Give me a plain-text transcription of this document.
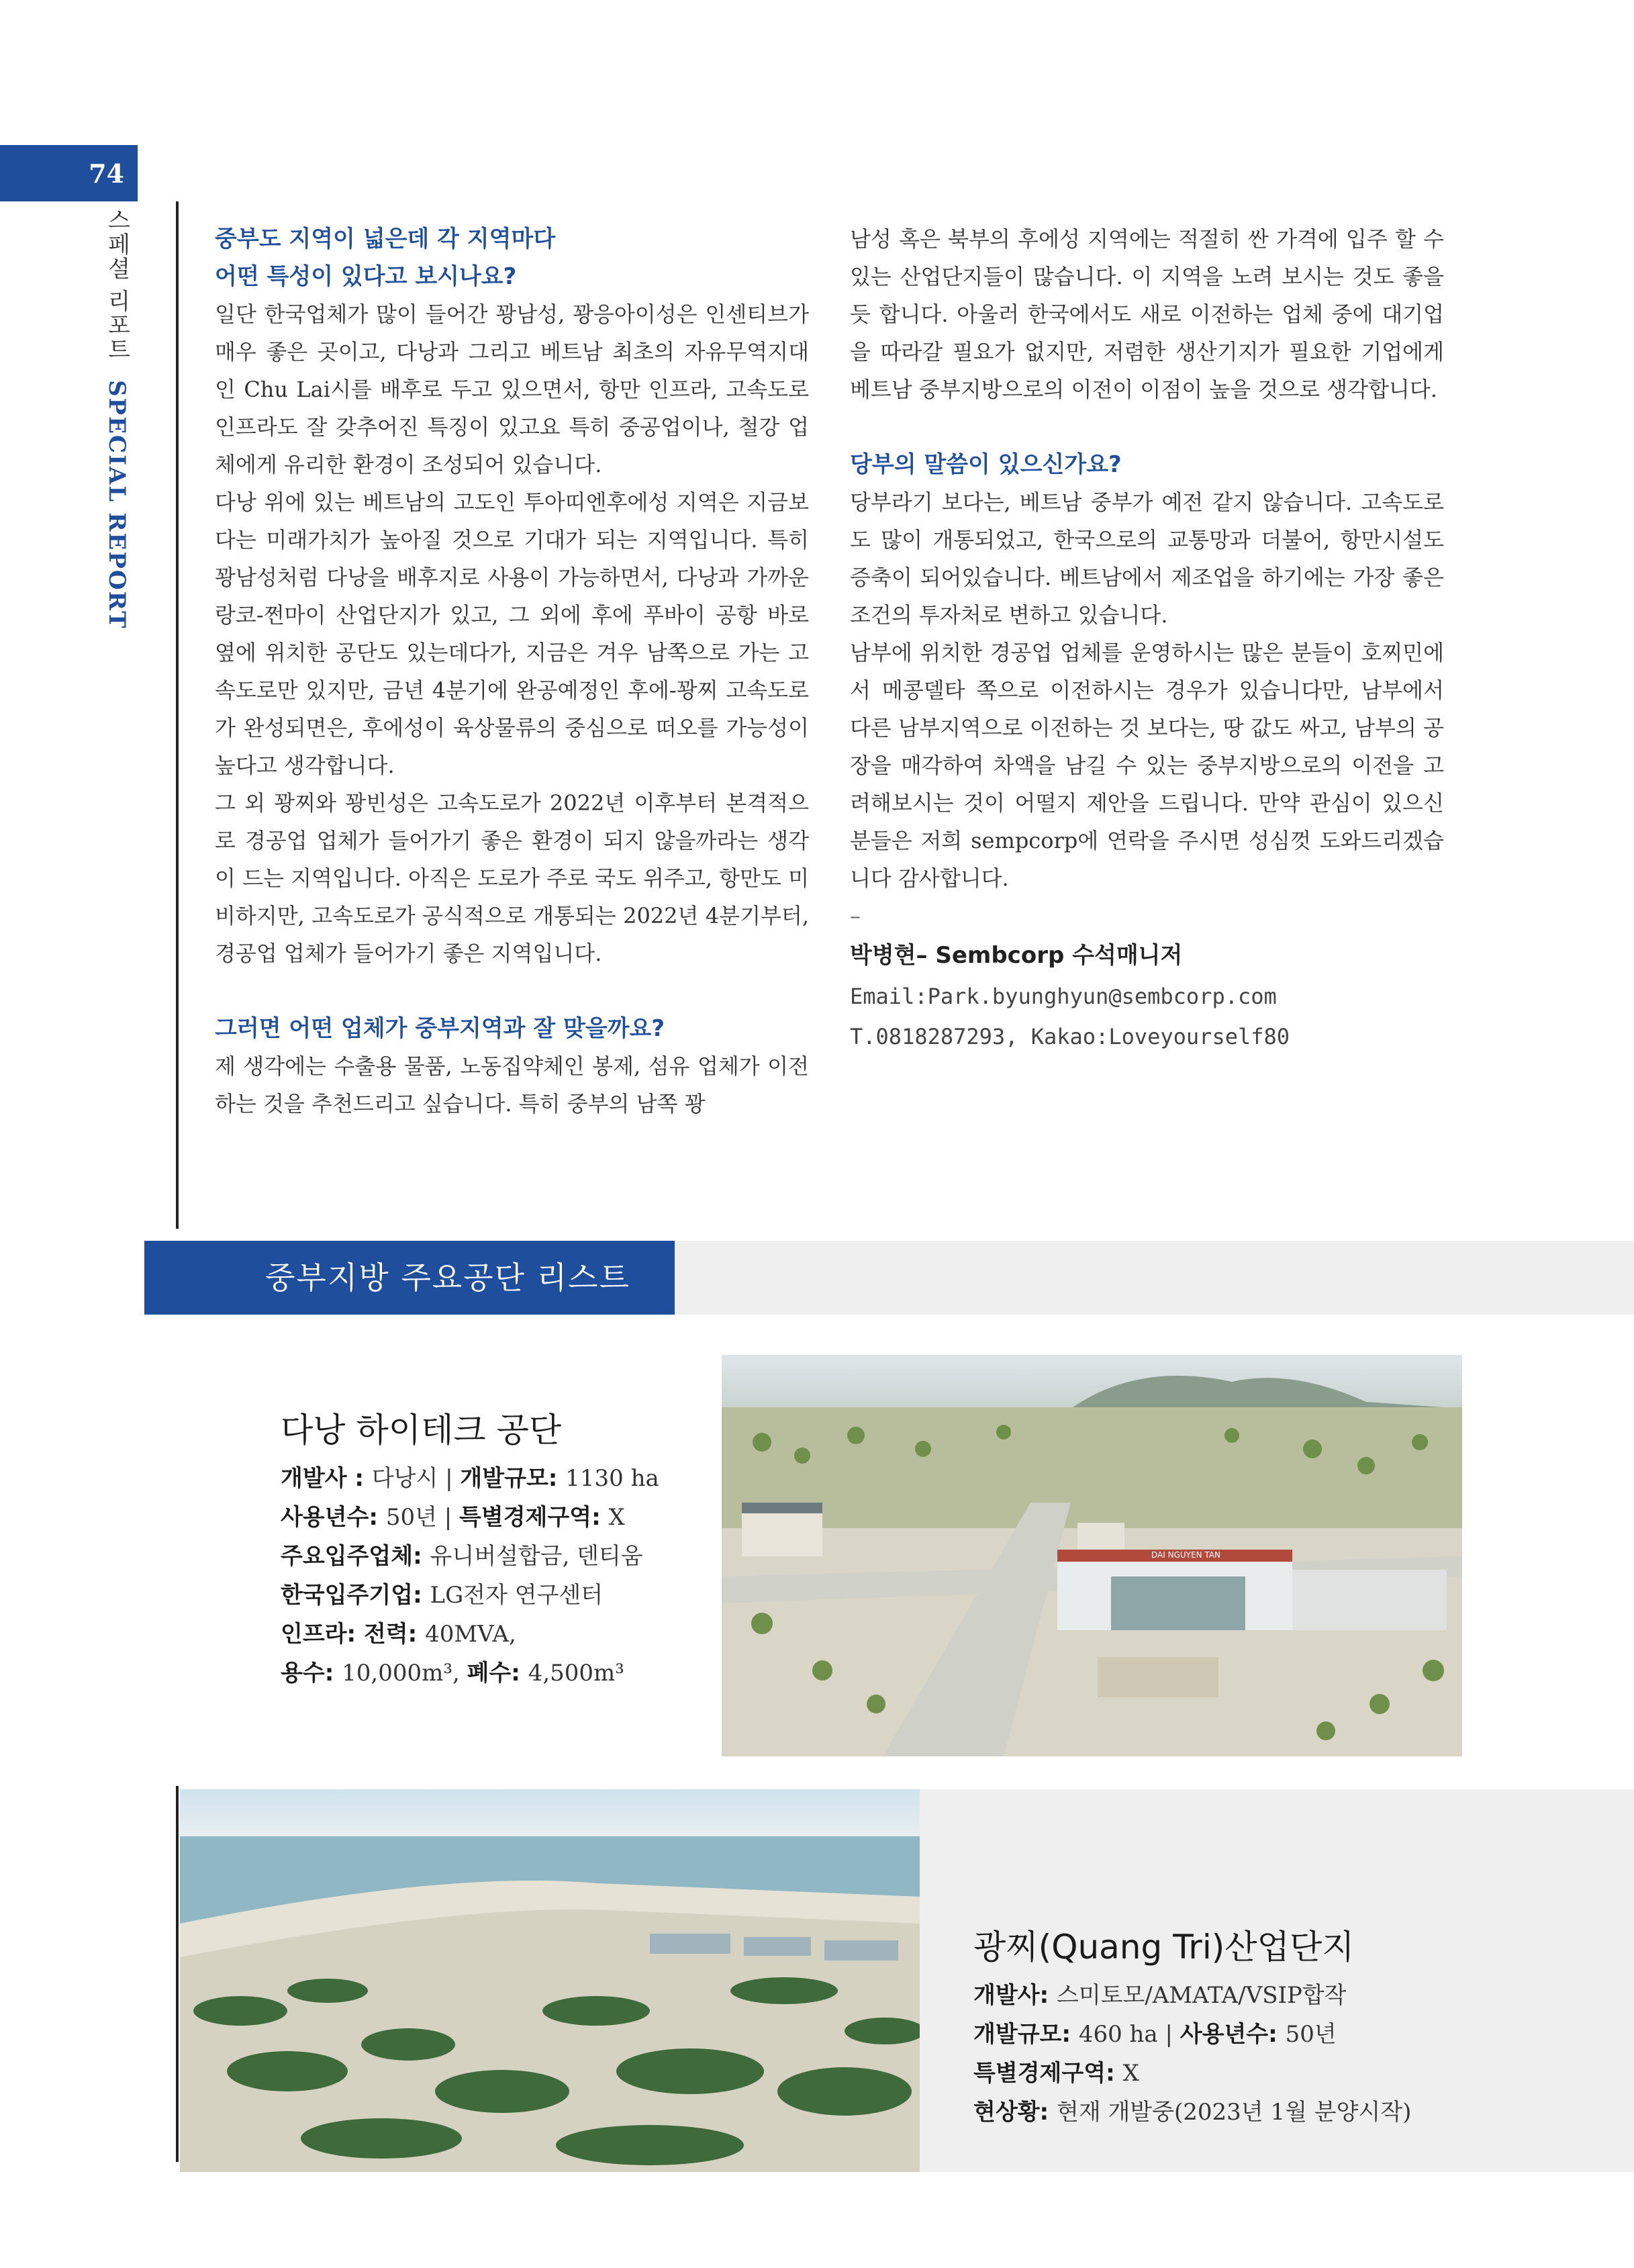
74
스페셜 리포트 SPECIAL REPORT

중부도 지역이 넓은데 각 지역마다

어떤 특성이 있다고 보시나요?

일단 한국업체가 많이 들어간 꽝남성, 꽝응아이성은 인센티브가 매우 좋은 곳이고, 다낭과 그리고 베트남 최초의 자유무역지대인 Chu Lai시를 배후로 두고 있으면서, 항만 인프라, 고속도로 인프라도 잘 갖추어진 특징이 있고요 특히 중공업이나, 철강 업체에게 유리한 환경이 조성되어 있습니다.

다낭 위에 있는 베트남의 고도인 투아띠엔후에성 지역은 지금보다는 미래가치가 높아질 것으로 기대가 되는 지역입니다. 특히 꽝남성처럼 다낭을 배후지로 사용이 가능하면서, 다낭과 가까운 랑코-쩐마이 산업단지가 있고, 그 외에 후에 푸바이 공항 바로 옆에 위치한 공단도 있는데다가, 지금은 겨우 남쪽으로 가는 고속도로만 있지만, 금년 4분기에 완공예정인 후에-꽝찌 고속도로가 완성되면은, 후에성이 육상물류의 중심으로 떠오를 가능성이 높다고 생각합니다.

그 외 꽝찌와 꽝빈성은 고속도로가 2022년 이후부터 본격적으로 경공업 업체가 들어가기 좋은 환경이 되지 않을까라는 생각이 드는 지역입니다. 아직은 도로가 주로 국도 위주고, 항만도 미비하지만, 고속도로가 공식적으로 개통되는 2022년 4분기부터, 경공업 업체가 들어가기 좋은 지역입니다.

그러면 어떤 업체가 중부지역과 잘 맞을까요?

제 생각에는 수출용 물품, 노동집약체인 봉제, 섬유 업체가 이전하는 것을 추천드리고 싶습니다. 특히 중부의 남쪽 꽝

남성 혹은 북부의 후에성 지역에는 적절히 싼 가격에 입주 할 수 있는 산업단지들이 많습니다. 이 지역을 노려 보시는 것도 좋을 듯 합니다. 아울러 한국에서도 새로 이전하는 업체 중에 대기업을 따라갈 필요가 없지만, 저렴한 생산기지가 필요한 기업에게 베트남 중부지방으로의 이전이 이점이 높을 것으로 생각합니다.

당부의 말씀이 있으신가요?

당부라기 보다는, 베트남 중부가 예전 같지 않습니다. 고속도로도 많이 개통되었고, 한국으로의 교통망과 더불어, 항만시설도 증축이 되어있습니다. 베트남에서 제조업을 하기에는 가장 좋은 조건의 투자처로 변하고 있습니다.

남부에 위치한 경공업 업체를 운영하시는 많은 분들이 호찌민에서 메콩델타 쪽으로 이전하시는 경우가 있습니다만, 남부에서 다른 남부지역으로 이전하는 것 보다는, 땅 값도 싸고, 남부의 공장을 매각하여 차액을 남길 수 있는 중부지방으로의 이전을 고려해보시는 것이 어떨지 제안을 드립니다. 만약 관심이 있으신 분들은 저희 sempcorp에 연락을 주시면 성심껏 도와드리겠습니다 감사합니다.

–

박병현– Sembcorp 수석매니저

Email:Park.byunghyun@sembcorp.com

T.0818287293, Kakao:Loveyourself80

중부지방 주요공단 리스트

다낭 하이테크 공단

개발사 : 다낭시 | 개발규모: 1130 ha

사용년수: 50년 | 특별경제구역: X

주요입주업체: 유니버설합금, 덴티움

한국입주기업: LG전자 연구센터

인프라: 전력: 40MVA,

용수: 10,000m³, 폐수: 4,500m³

DAI NGUYEN TAN

광찌(Quang Tri)산업단지

개발사: 스미토모/AMATA/VSIP합작

개발규모: 460 ha | 사용년수: 50년

특별경제구역: X

현상황: 현재 개발중(2023년 1월 분양시작)
